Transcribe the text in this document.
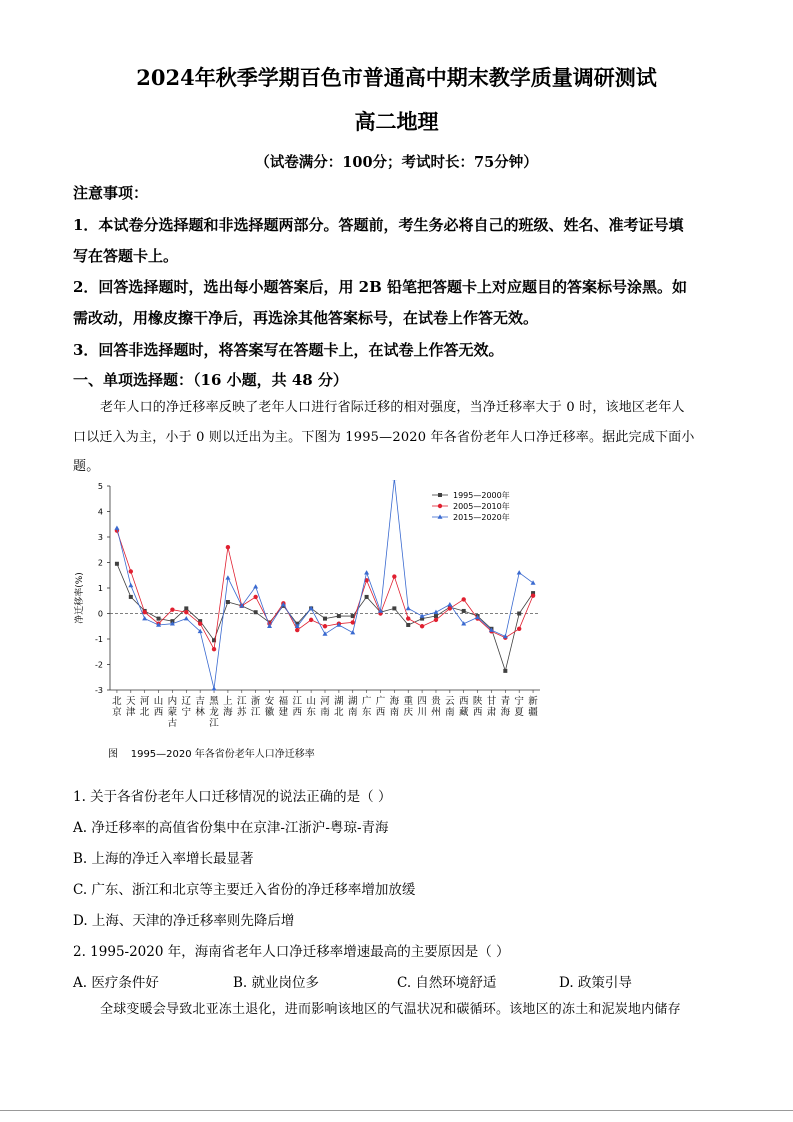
2024年秋季学期百色市普通高中期末教学质量调研测试
高二地理
（试卷满分：100分；考试时长：75分钟）
注意事项：
1．本试卷分选择题和非选择题两部分。答题前，考生务必将自己的班级、姓名、准考证号填
写在答题卡上。
2．回答选择题时，选出每小题答案后，用 2B 铅笔把答题卡上对应题目的答案标号涂黑。如
需改动，用橡皮擦干净后，再选涂其他答案标号，在试卷上作答无效。
3．回答非选择题时，将答案写在答题卡上，在试卷上作答无效。
一、单项选择题：（16 小题，共 48 分）
老年人口的净迁移率反映了老年人口进行省际迁移的相对强度，当净迁移率大于 0 时，该地区老年人
口以迁入为主，小于 0 则以迁出为主。下图为 1995—2020 年各省份老年人口净迁移率。据此完成下面小
题。
净迁移率(%)
-3
-2
-1
0
1
2
3
4
5
北京
天津
河北
山西
内蒙古
辽宁
吉林
黑龙江
上海
江苏
浙江
安徽
福建
江西
山东
河南
湖北
湖南
广东
广西
海南
重庆
四川
贵州
云南
西藏
陕西
甘肃
青海
宁夏
新疆
1995—2000年
2005—2010年
2015—2020年
图 1995—2020 年各省份老年人口净迁移率
1. 关于各省份老年人口迁移情况的说法正确的是（ ）
A. 净迁移率的高值省份集中在京津-江浙沪-粤琼-青海
B. 上海的净迁入率增长最显著
C. 广东、浙江和北京等主要迁入省份的净迁移率增加放缓
D. 上海、天津的净迁移率则先降后增
2. 1995-2020 年，海南省老年人口净迁移率增速最高的主要原因是（ ）
A. 医疗条件好	B. 就业岗位多	C. 自然环境舒适	D. 政策引导
全球变暖会导致北亚冻土退化，进而影响该地区的气温状况和碳循环。该地区的冻土和泥炭地内储存
